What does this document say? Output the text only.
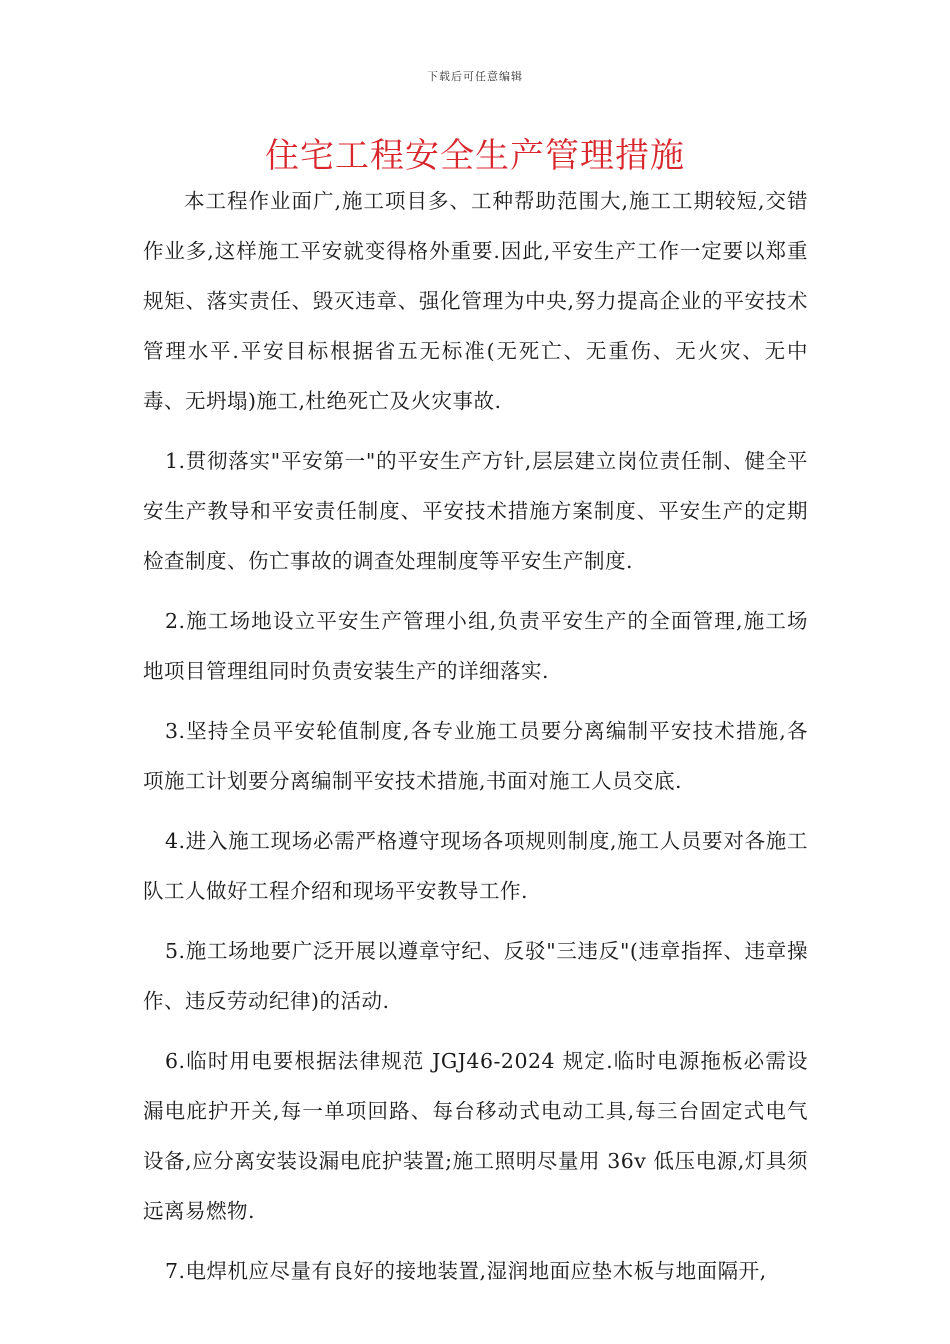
下载后可任意编辑
住宅工程安全生产管理措施

本工程作业面广,施工项目多、工种帮助范围大,施工工期较短,交错作业多,这样施工平安就变得格外重要.因此,平安生产工作一定要以郑重规矩、落实责任、毁灭违章、强化管理为中央,努力提高企业的平安技术管理水平.平安目标根据省五无标准(无死亡、无重伤、无火灾、无中毒、无坍塌)施工,杜绝死亡及火灾事故.

1.贯彻落实"平安第一"的平安生产方针,层层建立岗位责任制、健全平安生产教导和平安责任制度、平安技术措施方案制度、平安生产的定期检查制度、伤亡事故的调查处理制度等平安生产制度.

2.施工场地设立平安生产管理小组,负责平安生产的全面管理,施工场地项目管理组同时负责安装生产的详细落实.

3.坚持全员平安轮值制度,各专业施工员要分离编制平安技术措施,各项施工计划要分离编制平安技术措施,书面对施工人员交底.

4.进入施工现场必需严格遵守现场各项规则制度,施工人员要对各施工队工人做好工程介绍和现场平安教导工作.

5.施工场地要广泛开展以遵章守纪、反驳"三违反"(违章指挥、违章操作、违反劳动纪律)的活动.

6.临时用电要根据法律规范 JGJ46-2024 规定.临时电源拖板必需设漏电庇护开关,每一单项回路、每台移动式电动工具,每三台固定式电气设备,应分离安装设漏电庇护装置;施工照明尽量用 36v 低压电源,灯具须远离易燃物.

7.电焊机应尽量有良好的接地装置,湿润地面应垫木板与地面隔开,
